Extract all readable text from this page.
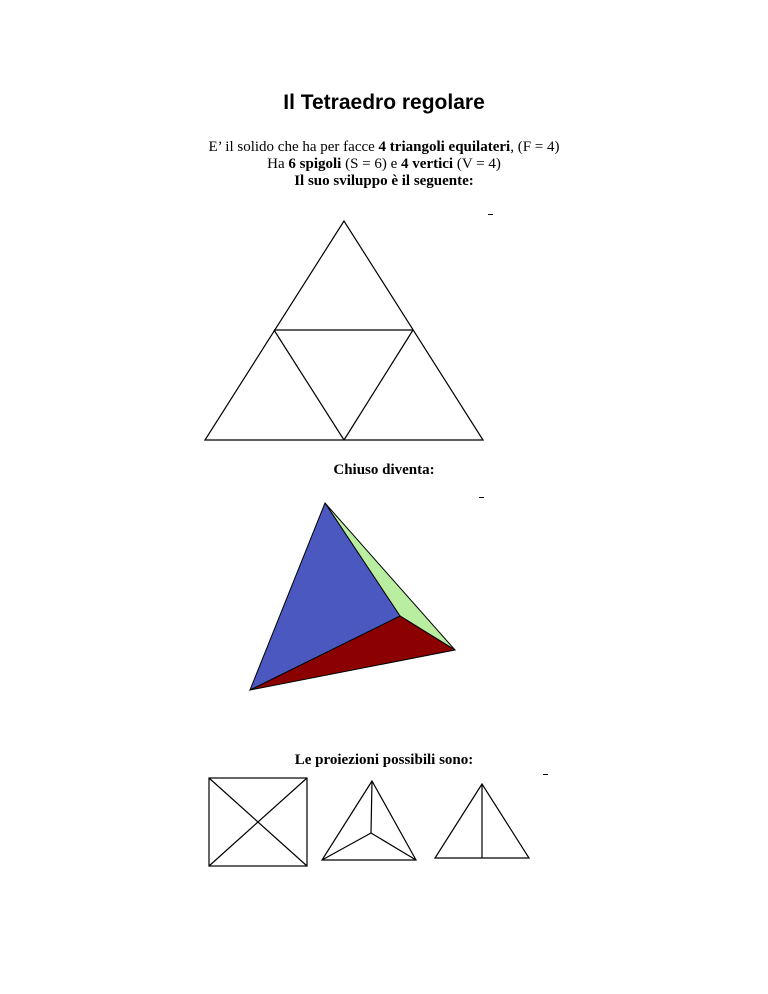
Il Tetraedro regolare
E’ il solido che ha per facce 4 triangoli equilateri, (F = 4)
Ha 6 spigoli (S = 6) e 4 vertici (V = 4)
Il suo sviluppo è il seguente:
Chiuso diventa:
Le proiezioni possibili sono:
